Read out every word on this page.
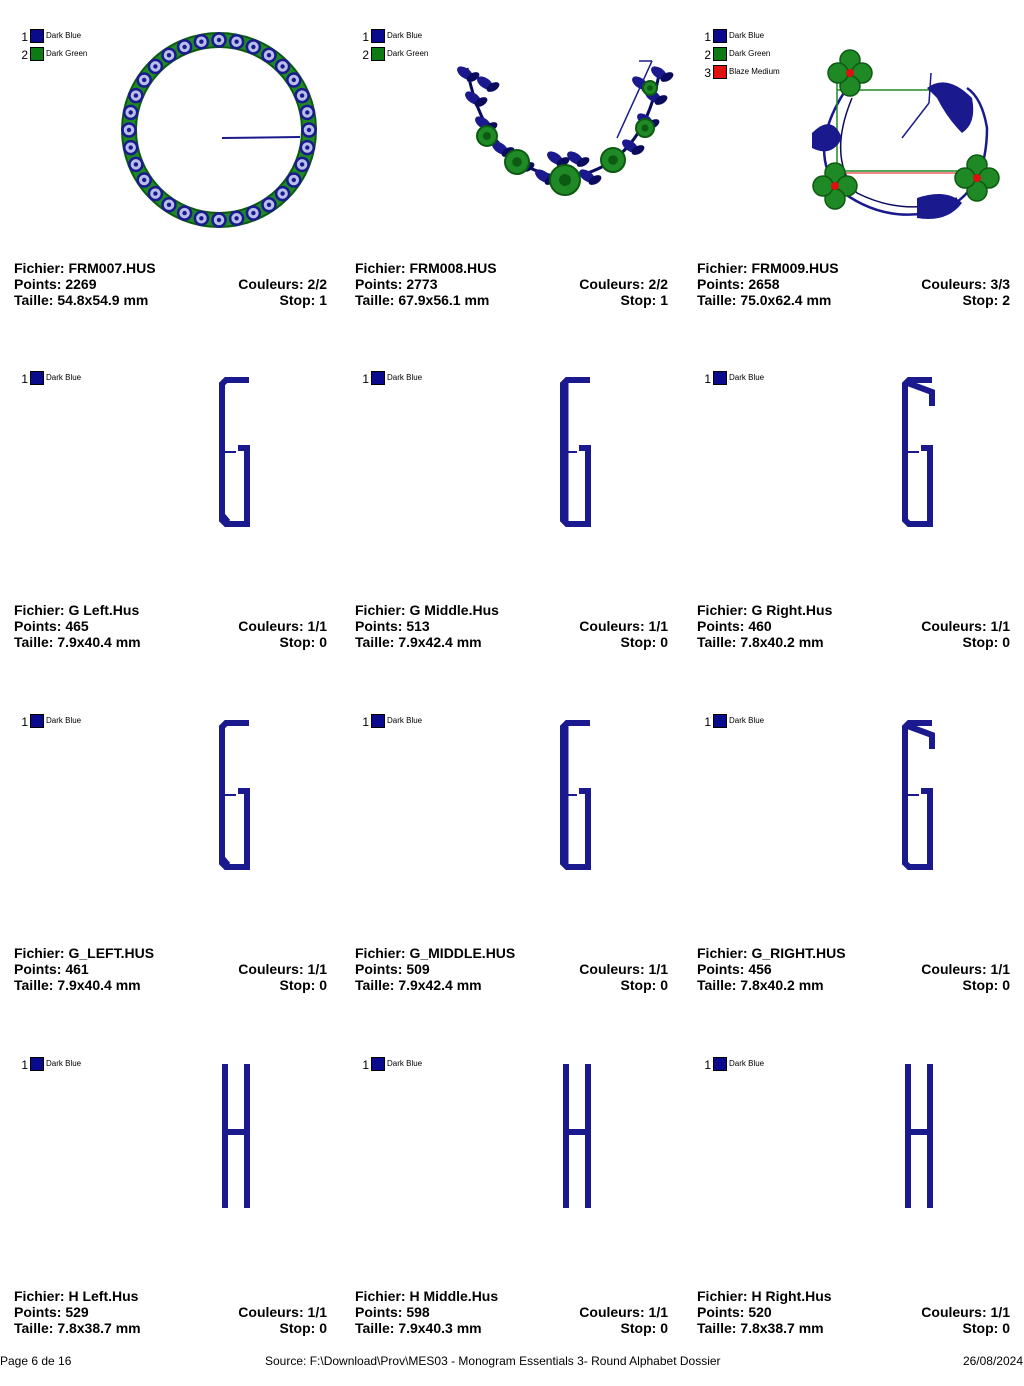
1 Dark Blue
2 Dark Green
Fichier: FRM007.HUS
Points: 2269	Couleurs: 2/2
Taille: 54.8x54.9 mm	Stop: 1
1 Dark Blue
2 Dark Green
Fichier: FRM008.HUS
Points: 2773	Couleurs: 2/2
Taille: 67.9x56.1 mm	Stop: 1
1 Dark Blue
2 Dark Green
3 Blaze Medium
Fichier: FRM009.HUS
Points: 2658	Couleurs: 3/3
Taille: 75.0x62.4 mm	Stop: 2
1 Dark Blue
Fichier: G Left.Hus
Points: 465	Couleurs: 1/1
Taille: 7.9x40.4 mm	Stop: 0
1 Dark Blue
Fichier: G Middle.Hus
Points: 513	Couleurs: 1/1
Taille: 7.9x42.4 mm	Stop: 0
1 Dark Blue
Fichier: G Right.Hus
Points: 460	Couleurs: 1/1
Taille: 7.8x40.2 mm	Stop: 0
1 Dark Blue
Fichier: G_LEFT.HUS
Points: 461	Couleurs: 1/1
Taille: 7.9x40.4 mm	Stop: 0
1 Dark Blue
Fichier: G_MIDDLE.HUS
Points: 509	Couleurs: 1/1
Taille: 7.9x42.4 mm	Stop: 0
1 Dark Blue
Fichier: G_RIGHT.HUS
Points: 456	Couleurs: 1/1
Taille: 7.8x40.2 mm	Stop: 0
1 Dark Blue
Fichier: H Left.Hus
Points: 529	Couleurs: 1/1
Taille: 7.8x38.7 mm	Stop: 0
1 Dark Blue
Fichier: H Middle.Hus
Points: 598	Couleurs: 1/1
Taille: 7.9x40.3 mm	Stop: 0
1 Dark Blue
Fichier: H Right.Hus
Points: 520	Couleurs: 1/1
Taille: 7.8x38.7 mm	Stop: 0
Page 6 de 16	Source: F:\Download\Prov\MES03 - Monogram Essentials 3- Round Alphabet Dossier	26/08/2024
